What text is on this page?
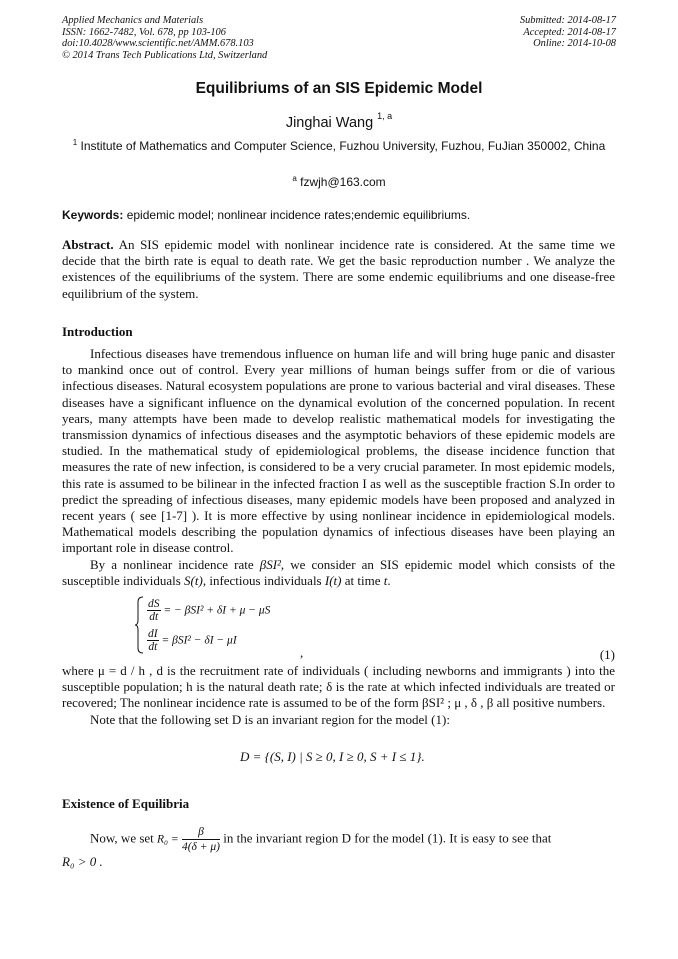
Applied Mechanics and Materials
ISSN: 1662-7482, Vol. 678, pp 103-106
doi:10.4028/www.scientific.net/AMM.678.103
© 2014 Trans Tech Publications Ltd, Switzerland
Submitted: 2014-08-17
Accepted: 2014-08-17
Online: 2014-10-08
Equilibriums of an SIS Epidemic Model
Jinghai Wang $^{1, a}$
$^1$ Institute of Mathematics and Computer Science, Fuzhou University, Fuzhou, FuJian 350002, China
$^a$ fzwjh@163.com
Keywords: epidemic model; nonlinear incidence rates;endemic equilibriums.
Abstract. An SIS epidemic model with nonlinear incidence rate is considered. At the same time we decide that the birth rate is equal to death rate. We get the basic reproduction number . We analyze the existences of the equilibriums of the system. There are some endemic equilibriums and one disease-free equilibrium of the system.
Introduction

Infectious diseases have tremendous influence on human life and will bring huge panic and disaster to mankind once out of control. Every year millions of human beings suffer from or die of various infectious diseases. Natural ecosystem populations are prone to various bacterial and viral diseases. These diseases have a significant influence on the dynamical evolution of the concerned population. In recent years, many attempts have been made to develop realistic mathematical models for investigating the transmission dynamics of infectious diseases and the asymptotic behaviors of these epidemic models are studied. In the mathematical study of epidemiological problems, the disease incidence function that measures the rate of new infection, is considered to be a very crucial parameter. In most epidemic models, this rate is assumed to be bilinear in the infected fraction I as well as the susceptible fraction S.In order to predict the spreading of infectious diseases, many epidemic models have been proposed and analyzed in recent years ( see [1-7] ). It is more effective by using nonlinear incidence in epidemiological models. Mathematical models describing the population dynamics of infectious diseases have been playing an important role in disease control.

By a nonlinear incidence rate βSI², we consider an SIS epidemic model which consists of the susceptible individuals S(t), infectious individuals I(t) at time t.

$\frac{dS}{dt}$ = − βSI² + δI + μ − μS
$\frac{dI}{dt} = \beta SI^2 - \delta I - \mu I$
,	(1)

where μ = d / h , d is the recruitment rate of individuals ( including newborns and immigrants ) into the susceptible population; h is the natural death rate; δ is the rate at which infected individuals are treated or recovered; The nonlinear incidence rate is assumed to be of the form βSI² ; μ , δ , β all positive numbers.

Note that the following set D is an invariant region for the model (1):

D = {(S, I) | S ≥ 0, I ≥ 0, S + I ≤ 1}.
Existence of Equilibria
Now, we set $R_0 = \frac{\beta}{4(\delta + \mu)}$ in the invariant region D for the model (1). It is easy to see that
R₀ > 0 .
